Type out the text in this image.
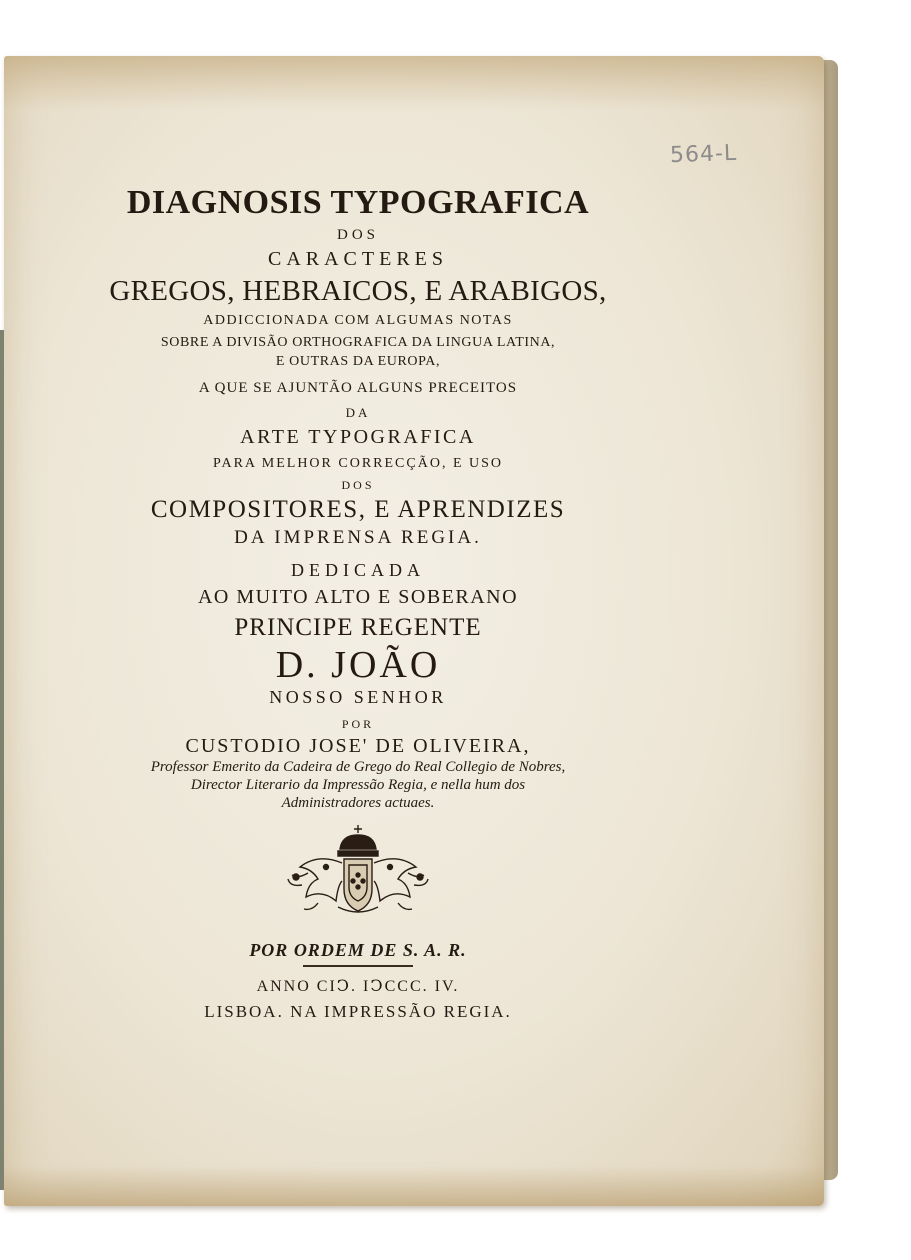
564-L
DIAGNOSIS TYPOGRAFICA
DOS
CARACTERES
GREGOS, HEBRAICOS, E ARABIGOS,
ADDICCIONADA COM ALGUMAS NOTAS
SOBRE A DIVISÃO ORTHOGRAFICA DA LINGUA LATINA,
E OUTRAS DA EUROPA,
A QUE SE AJUNTÃO ALGUNS PRECEITOS
DA
ARTE TYPOGRAFICA
PARA MELHOR CORRECÇÃO, E USO
DOS
COMPOSITORES, E APRENDIZES
DA IMPRENSA REGIA.
DEDICADA
AO MUITO ALTO E SOBERANO
PRINCIPE REGENTE
D. JOÃO
NOSSO SENHOR
POR
CUSTODIO JOSE' DE OLIVEIRA,
Professor Emerito da Cadeira de Grego do Real Collegio de Nobres,
Director Literario da Impressão Regia, e nella hum dos
Administradores actuaes.
POR ORDEM DE S. A. R.
ANNO CIↃ. IↃCCC. IV.
LISBOA. NA IMPRESSÃO REGIA.
